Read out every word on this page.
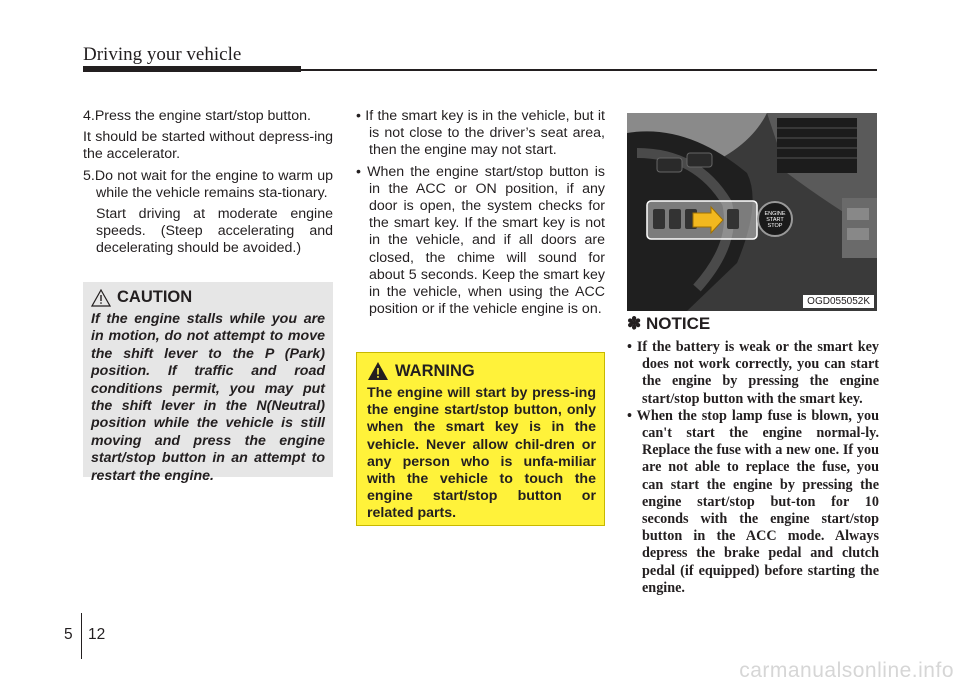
Driving your vehicle

4.Press the engine start/stop button.

It should be started without depress-ing the accelerator.

5.Do not wait for the engine to warm up while the vehicle remains sta-tionary.

Start driving at moderate engine speeds. (Steep accelerating and decelerating should be avoided.)

CAUTION

If the engine stalls while you are in motion, do not attempt to move the shift lever to the P (Park) position. If traffic and road conditions permit, you may put the shift lever in the N(Neutral) position while the vehicle is still moving and press the engine start/stop button in an attempt to restart the engine.

• If the smart key is in the vehicle, but it is not close to the driver’s seat area, then the engine may not start.

• When the engine start/stop button is in the ACC or ON position, if any door is open, the system checks for the smart key. If the smart key is not in the vehicle, and if all doors are closed, the chime will sound for about 5 seconds. Keep the smart key in the vehicle, when using the ACC position or if the vehicle engine is on.

WARNING

The engine will start by press-ing the engine start/stop button, only when the smart key is in the vehicle. Never allow chil-dren or any person who is unfa-miliar with the vehicle to touch the engine start/stop button or related parts.

ENGINE
START
STOP
OGD055052K
✽ NOTICE

• If the battery is weak or the smart key does not work correctly, you can start the engine by pressing the engine start/stop button with the smart key.

• When the stop lamp fuse is blown, you can't start the engine normal-ly. Replace the fuse with a new one. If you are not able to replace the fuse, you can start the engine by pressing the engine start/stop but-ton for 10 seconds with the engine start/stop button in the ACC mode. Always depress the brake pedal and clutch pedal (if equipped) before starting the engine.

5 12
carmanualsonline.info
